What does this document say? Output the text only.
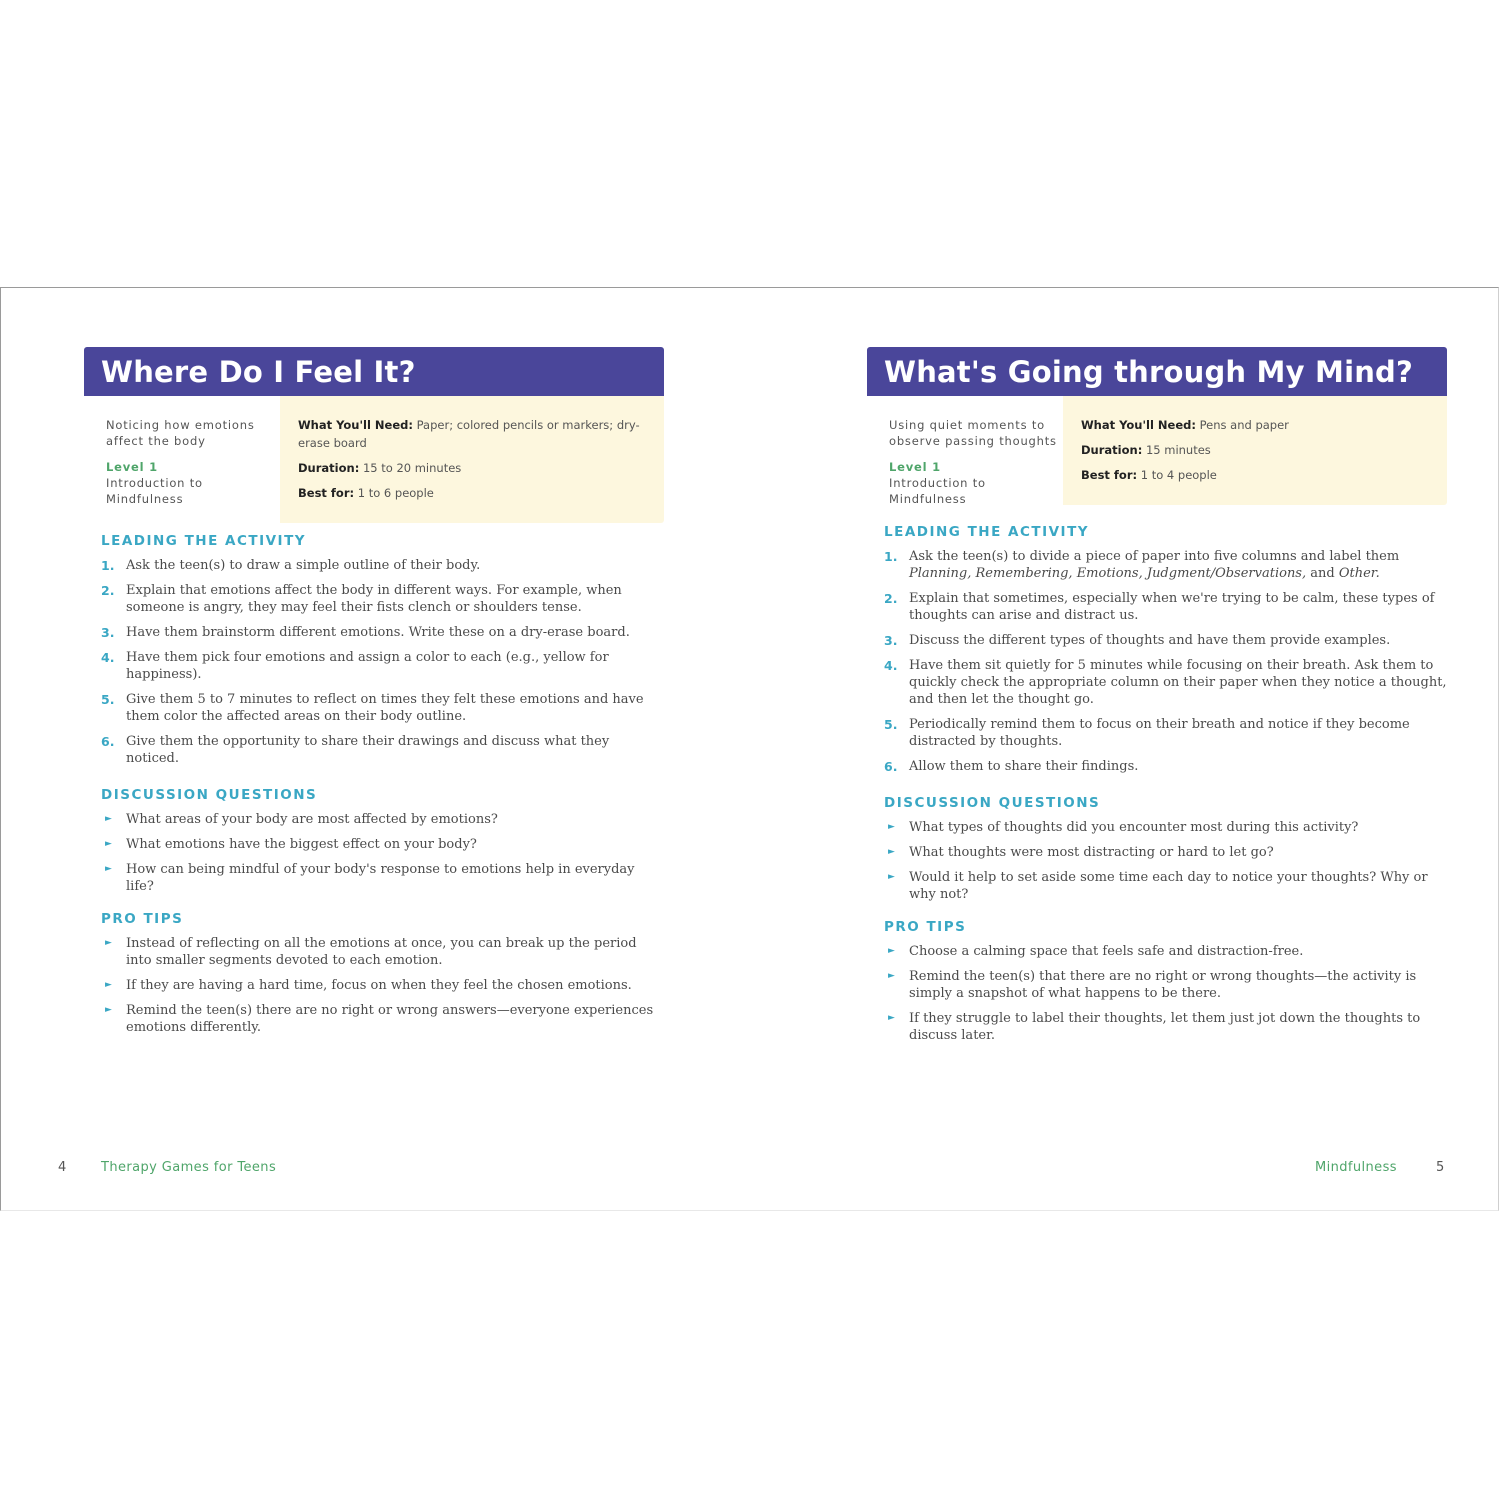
Where Do I Feel It?
Noticing how emotions affect the body
Level 1
Introduction to Mindfulness

What You'll Need: Paper; colored pencils or markers; dry-erase board

Duration: 15 to 20 minutes

Best for: 1 to 6 people

LEADING THE ACTIVITY
1. Ask the teen(s) to draw a simple outline of their body.
2. Explain that emotions affect the body in different ways. For example, when someone is angry, they may feel their fists clench or shoulders tense.
3. Have them brainstorm different emotions. Write these on a dry-erase board.
4. Have them pick four emotions and assign a color to each (e.g., yellow for happiness).
5. Give them 5 to 7 minutes to reflect on times they felt these emotions and have them color the affected areas on their body outline.
6. Give them the opportunity to share their drawings and discuss what they noticed.
DISCUSSION QUESTIONS
► What areas of your body are most affected by emotions?
► What emotions have the biggest effect on your body?
► How can being mindful of your body's response to emotions help in everyday life?
PRO TIPS
► Instead of reflecting on all the emotions at once, you can break up the period into smaller segments devoted to each emotion.
► If they are having a hard time, focus on when they feel the chosen emotions.
► Remind the teen(s) there are no right or wrong answers—everyone experiences emotions differently.
4	Therapy Games for Teens
What's Going through My Mind?
Using quiet moments to observe passing thoughts
Level 1
Introduction to Mindfulness

What You'll Need: Pens and paper

Duration: 15 minutes

Best for: 1 to 4 people

LEADING THE ACTIVITY
1. Ask the teen(s) to divide a piece of paper into five columns and label them Planning, Remembering, Emotions, Judgment/Observations, and Other.
2. Explain that sometimes, especially when we're trying to be calm, these types of thoughts can arise and distract us.
3. Discuss the different types of thoughts and have them provide examples.
4. Have them sit quietly for 5 minutes while focusing on their breath. Ask them to quickly check the appropriate column on their paper when they notice a thought, and then let the thought go.
5. Periodically remind them to focus on their breath and notice if they become distracted by thoughts.
6. Allow them to share their findings.
DISCUSSION QUESTIONS
► What types of thoughts did you encounter most during this activity?
► What thoughts were most distracting or hard to let go?
► Would it help to set aside some time each day to notice your thoughts? Why or why not?
PRO TIPS
► Choose a calming space that feels safe and distraction-free.
► Remind the teen(s) that there are no right or wrong thoughts—the activity is simply a snapshot of what happens to be there.
► If they struggle to label their thoughts, let them just jot down the thoughts to discuss later.
Mindfulness	5
